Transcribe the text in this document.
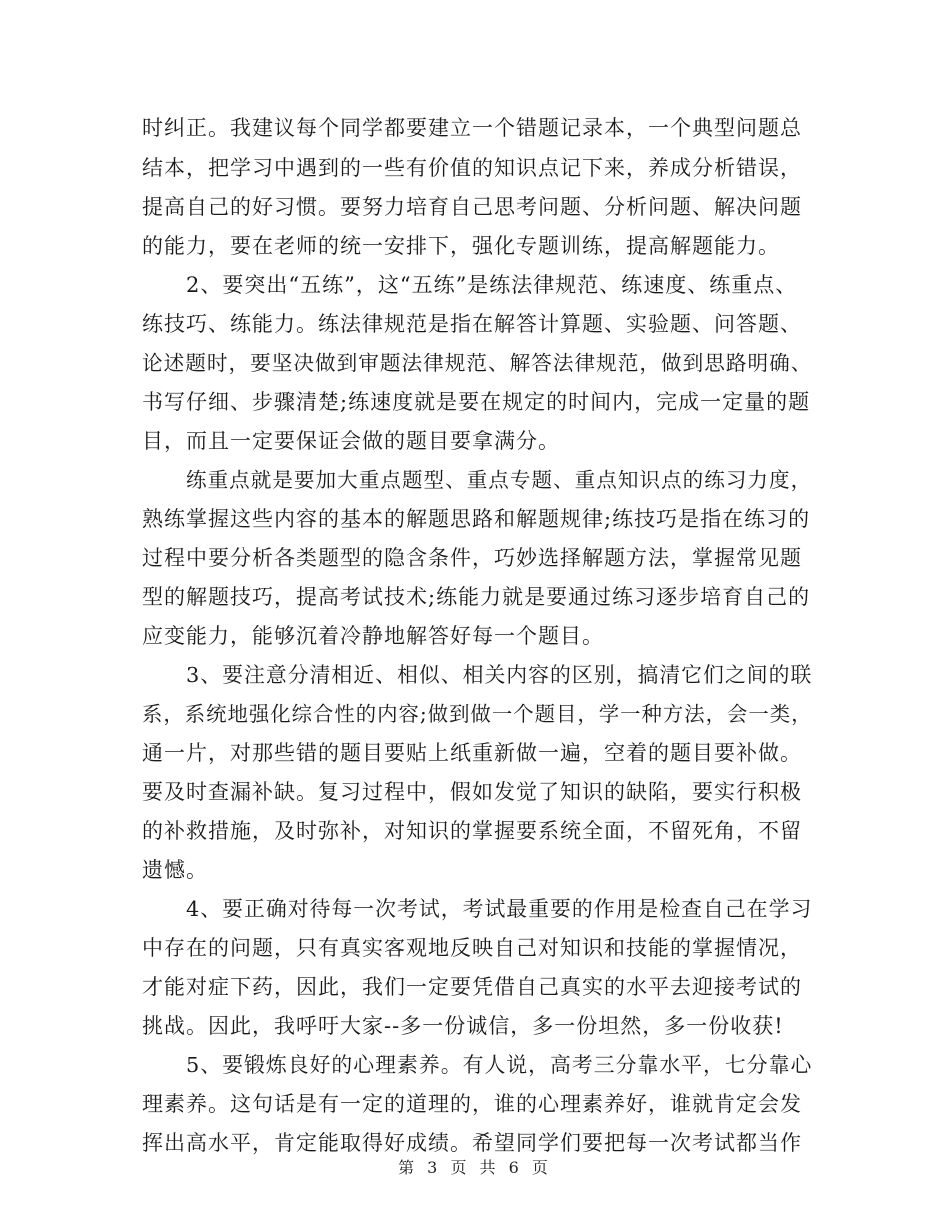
时纠正。我建议每个同学都要建立一个错题记录本，一个典型问题总

结本，把学习中遇到的一些有价值的知识点记下来，养成分析错误，

提高自己的好习惯。要努力培育自己思考问题、分析问题、解决问题

的能力，要在老师的统一安排下，强化专题训练，提高解题能力。

2、要突出“五练”，这“五练”是练法律规范、练速度、练重点、

练技巧、练能力。练法律规范是指在解答计算题、实验题、问答题、

论述题时，要坚决做到审题法律规范、解答法律规范，做到思路明确、

书写仔细、步骤清楚;练速度就是要在规定的时间内，完成一定量的题

目，而且一定要保证会做的题目要拿满分。

练重点就是要加大重点题型、重点专题、重点知识点的练习力度，

熟练掌握这些内容的基本的解题思路和解题规律;练技巧是指在练习的

过程中要分析各类题型的隐含条件，巧妙选择解题方法，掌握常见题

型的解题技巧，提高考试技术;练能力就是要通过练习逐步培育自己的

应变能力，能够沉着冷静地解答好每一个题目。

3、要注意分清相近、相似、相关内容的区别，搞清它们之间的联

系，系统地强化综合性的内容;做到做一个题目，学一种方法，会一类，

通一片，对那些错的题目要贴上纸重新做一遍，空着的题目要补做。

要及时查漏补缺。复习过程中，假如发觉了知识的缺陷，要实行积极

的补救措施，及时弥补，对知识的掌握要系统全面，不留死角，不留

遗憾。

4、要正确对待每一次考试，考试最重要的作用是检查自己在学习

中存在的问题，只有真实客观地反映自己对知识和技能的掌握情况，

才能对症下药，因此，我们一定要凭借自己真实的水平去迎接考试的

挑战。因此，我呼吁大家--多一份诚信，多一份坦然，多一份收获!

5、要锻炼良好的心理素养。有人说，高考三分靠水平，七分靠心

理素养。这句话是有一定的道理的，谁的心理素养好，谁就肯定会发

挥出高水平，肯定能取得好成绩。希望同学们要把每一次考试都当作

第 3 页 共 6 页
